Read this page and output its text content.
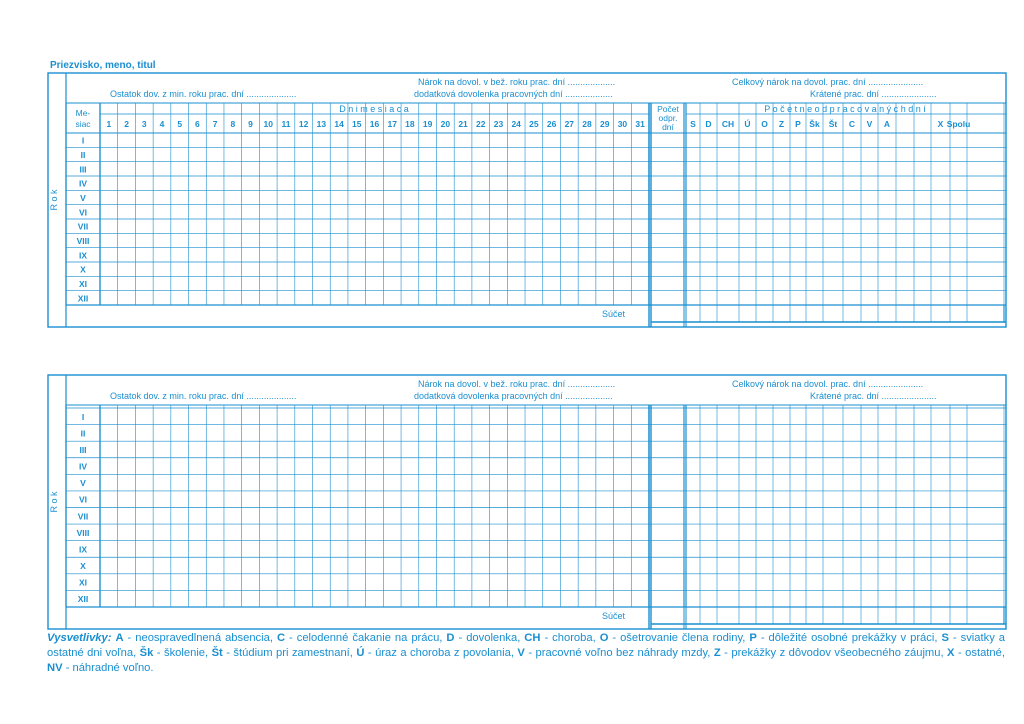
Priezvisko, meno, titul
R o k
Nárok na dovol. v bež. roku prac. dní ...................
Ostatok dov. z min. roku prac. dní ....................	dodatková dovolenka pracovných dní ...................
Celkový nárok na dovol. prac. dní ......................
Krátené prac. dní ......................
Me-
siac
D n i m e s i a c a
1 2 3 4 5 6 7 8 9 10 11 12 13 14 15 16 17 18 19 20 21 22 23 24 25 26 27 28 29 30 31
Počet
odpr.
dní
P o č e t n e o d p r a c o v a n ý c h d n í
S D CH Ú O Z P Šk Št C V A	X Spolu
I
II
III
IV
V
VI
VII
VIII
IX
X
XI
XII
Súčet
R o k
Nárok na dovol. v bež. roku prac. dní ...................
Ostatok dov. z min. roku prac. dní ....................	dodatková dovolenka pracovných dní ...................
Celkový nárok na dovol. prac. dní ......................
Krátené prac. dní ......................
I
II
III
IV
V
VI
VII
VIII
IX
X
XI
XII
Súčet
Vysvetlivky: A - neospravedlnená absencia, C - celodenné čakanie na prácu, D - dovolenka, CH - choroba, O - ošetrovanie člena rodiny, P - dôležité osobné prekážky v práci, S - sviatky a ostatné dni voľna, Šk - školenie, Št - štúdium pri zamestnaní, Ú - úraz a choroba z povolania, V - pracovné voľno bez náhrady mzdy, Z - prekážky z dôvodov všeobecného záujmu, X - ostatné, NV - náhradné voľno.
